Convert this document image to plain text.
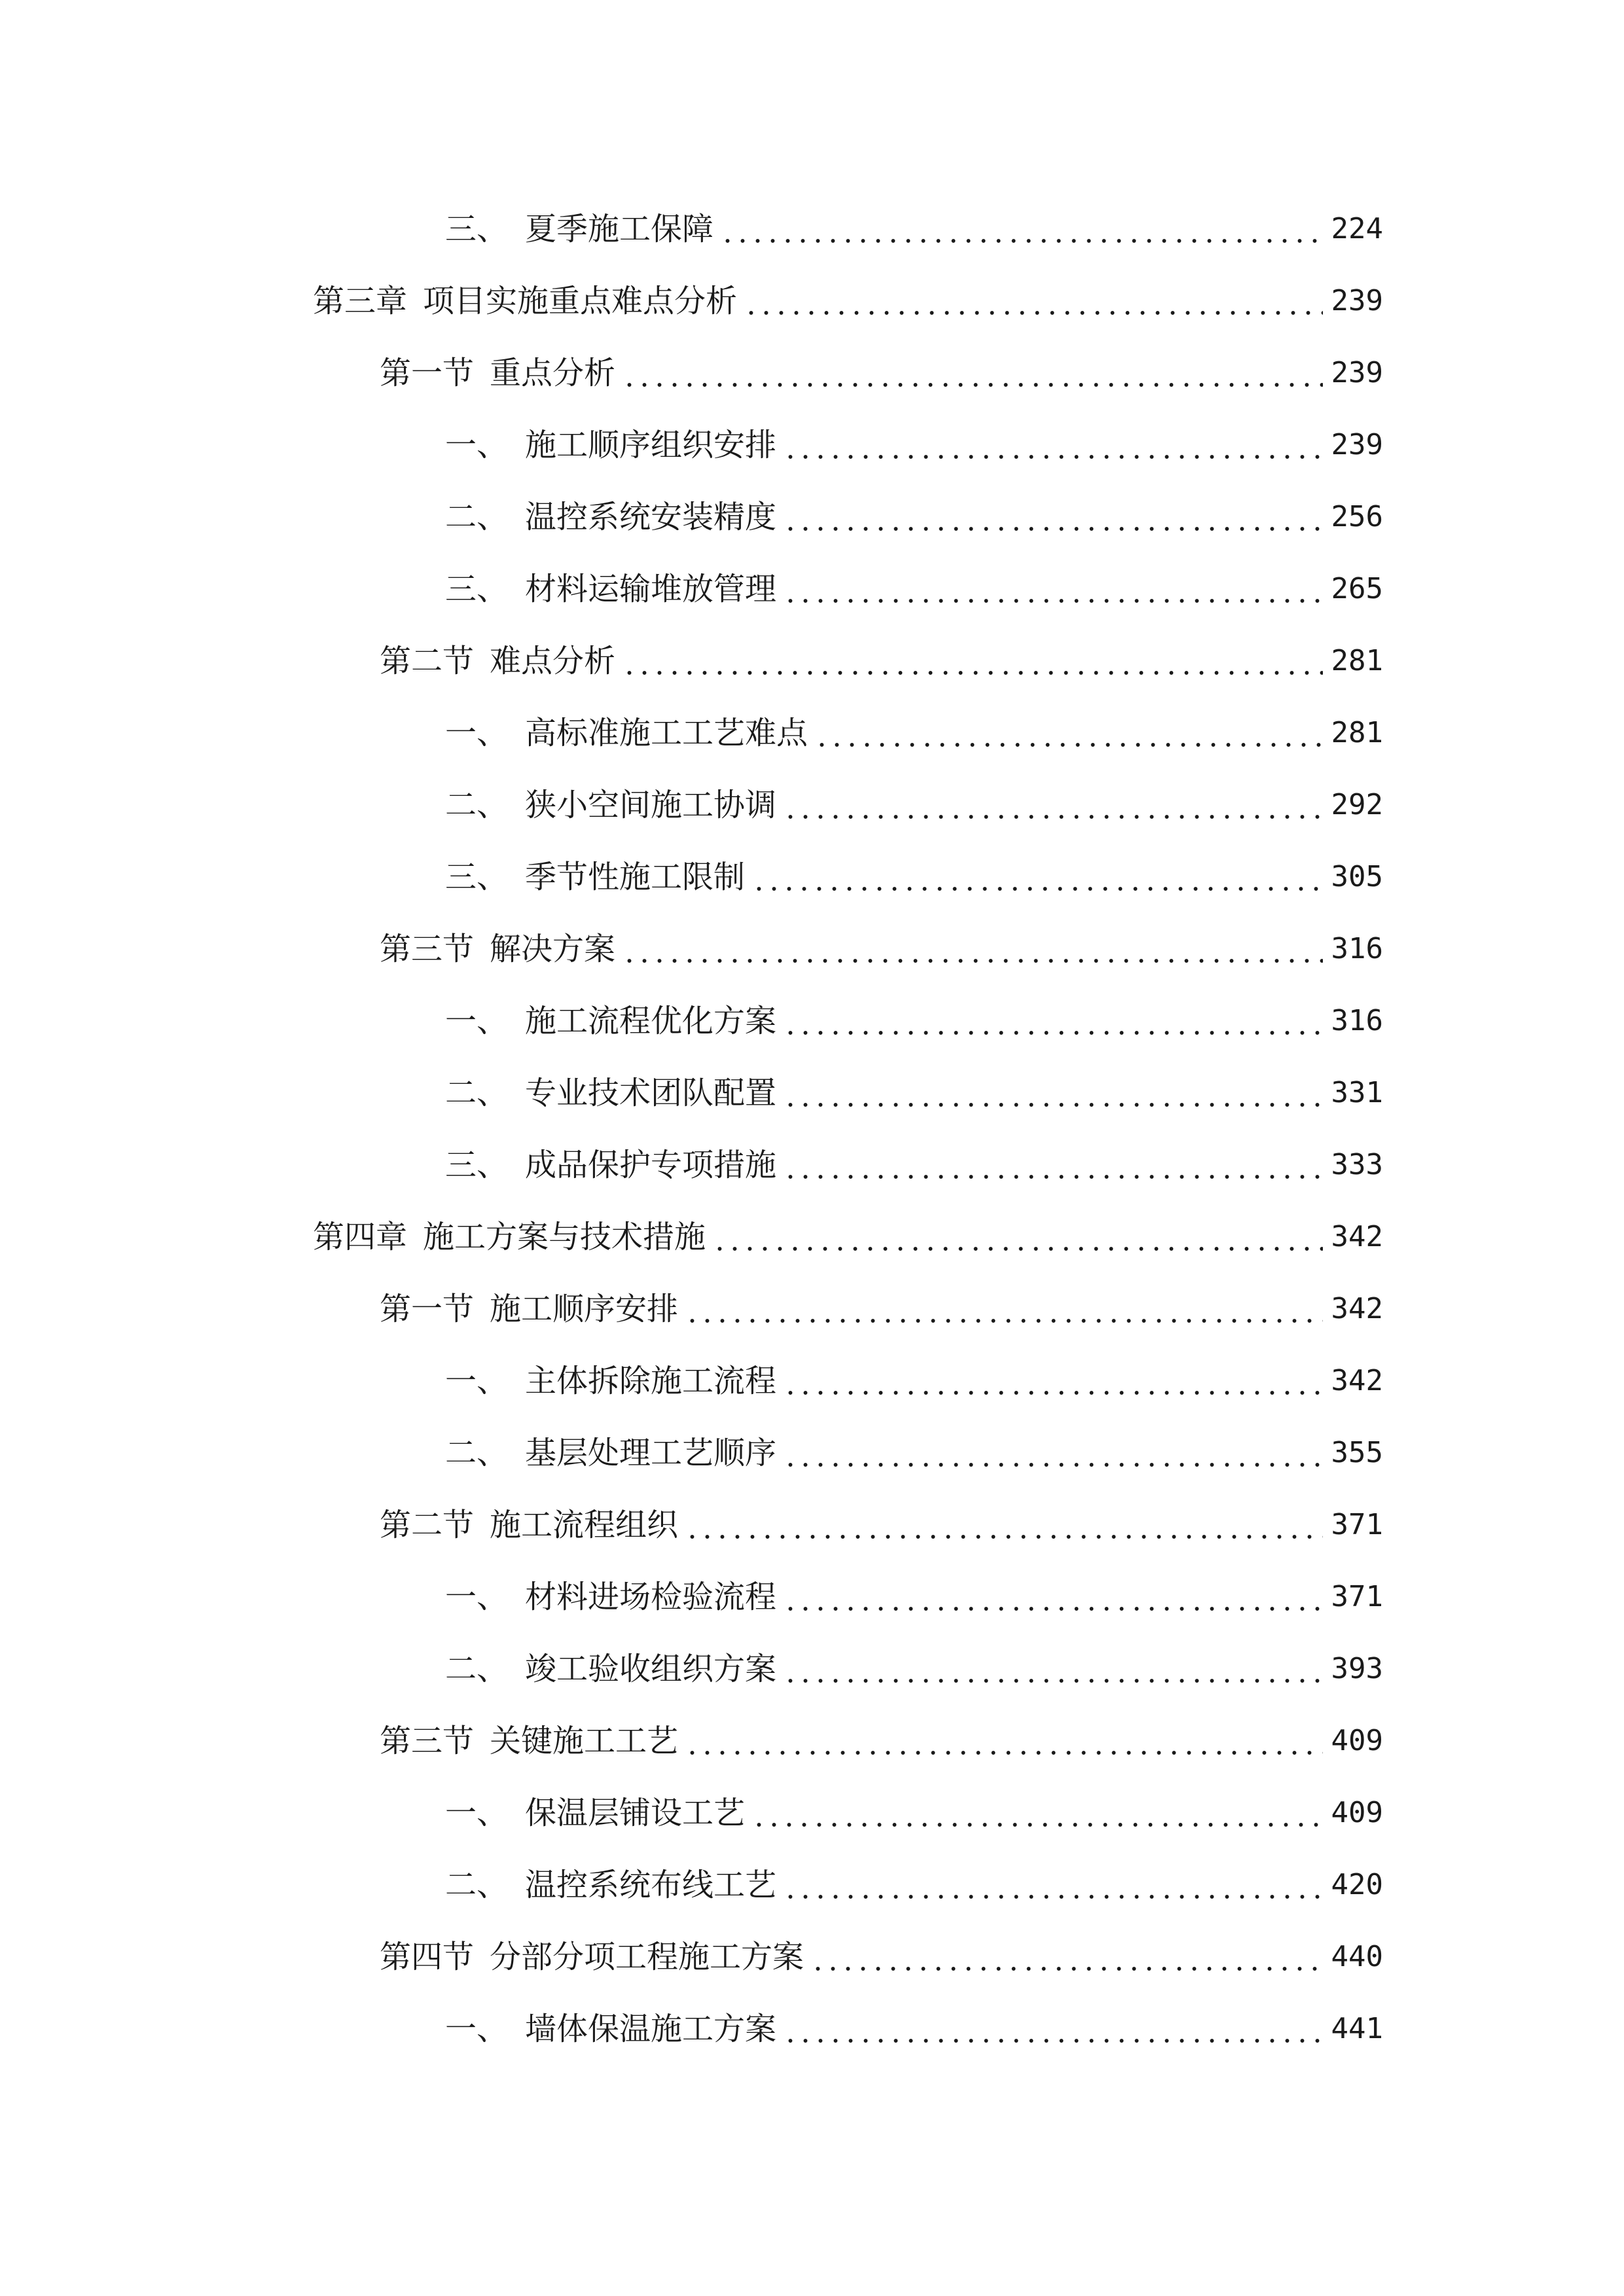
三、 夏季施工保障	224
第三章 项目实施重点难点分析	239
第一节 重点分析	239
一、 施工顺序组织安排	239
二、 温控系统安装精度	256
三、 材料运输堆放管理	265
第二节 难点分析	281
一、 高标准施工工艺难点	281
二、 狭小空间施工协调	292
三、 季节性施工限制	305
第三节 解决方案	316
一、 施工流程优化方案	316
二、 专业技术团队配置	331
三、 成品保护专项措施	333
第四章 施工方案与技术措施	342
第一节 施工顺序安排	342
一、 主体拆除施工流程	342
二、 基层处理工艺顺序	355
第二节 施工流程组织	371
一、 材料进场检验流程	371
二、 竣工验收组织方案	393
第三节 关键施工工艺	409
一、 保温层铺设工艺	409
二、 温控系统布线工艺	420
第四节 分部分项工程施工方案	440
一、 墙体保温施工方案	441
